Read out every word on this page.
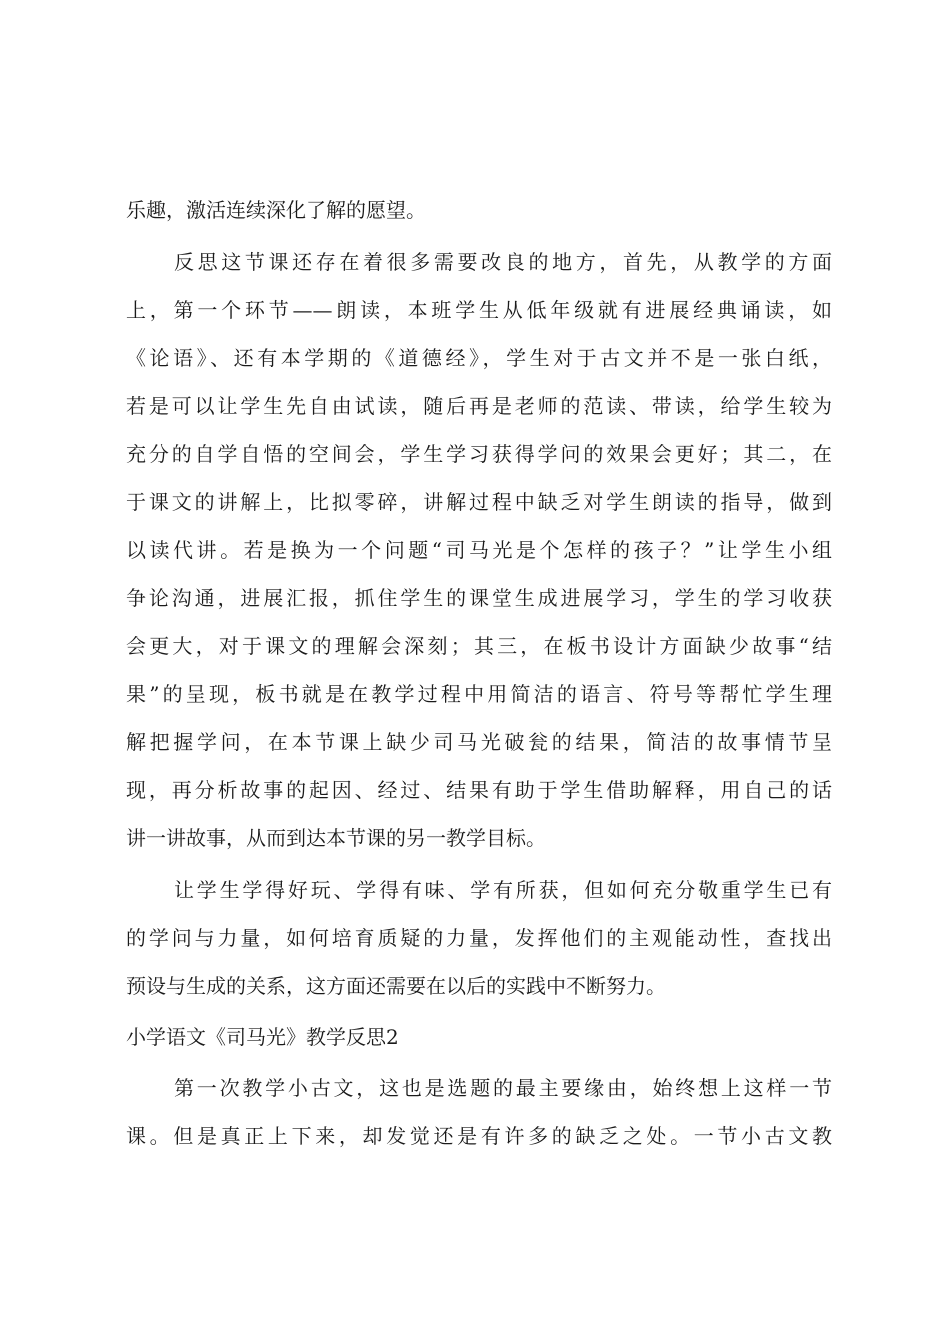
乐趣，激活连续深化了解的愿望。
反思这节课还存在着很多需要改良的地方，首先，从教学的方面
上，第一个环节——朗读，本班学生从低年级就有进展经典诵读，如
《论语》、还有本学期的《道德经》，学生对于古文并不是一张白纸，
若是可以让学生先自由试读，随后再是老师的范读、带读，给学生较为
充分的自学自悟的空间会，学生学习获得学问的效果会更好；其二，在
于课文的讲解上，比拟零碎，讲解过程中缺乏对学生朗读的指导，做到
以读代讲。若是换为一个问题“司马光是个怎样的孩子？”让学生小组
争论沟通，进展汇报，抓住学生的课堂生成进展学习，学生的学习收获
会更大，对于课文的理解会深刻；其三，在板书设计方面缺少故事“结
果”的呈现，板书就是在教学过程中用简洁的语言、符号等帮忙学生理
解把握学问，在本节课上缺少司马光破瓮的结果，简洁的故事情节呈
现，再分析故事的起因、经过、结果有助于学生借助解释，用自己的话
讲一讲故事，从而到达本节课的另一教学目标。
让学生学得好玩、学得有味、学有所获，但如何充分敬重学生已有
的学问与力量，如何培育质疑的力量，发挥他们的主观能动性，查找出
预设与生成的关系，这方面还需要在以后的实践中不断努力。
小学语文《司马光》教学反思2
第一次教学小古文，这也是选题的最主要缘由，始终想上这样一节
课。但是真正上下来，却发觉还是有许多的缺乏之处。一节小古文教
